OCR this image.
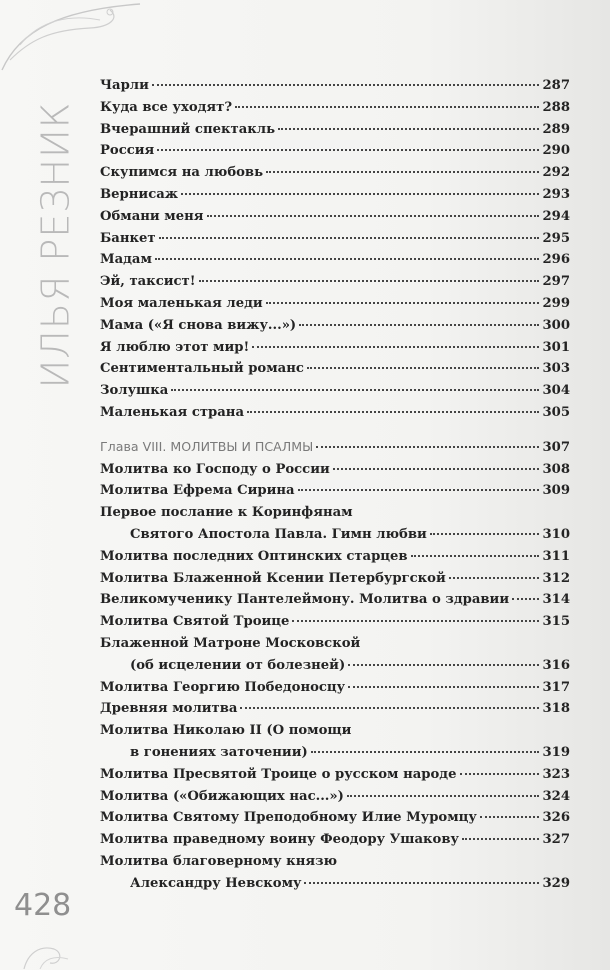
ИЛЬЯ РЕЗНИК
428
Чарли	287
Куда все уходят?	288
Вчерашний спектакль	289
Россия	290
Скупимся на любовь	292
Вернисаж	293
Обмани меня	294
Банкет	295
Мадам	296
Эй, таксист!	297
Моя маленькая леди	299
Мама («Я снова вижу...»)	300
Я люблю этот мир!	301
Сентиментальный романс	303
Золушка	304
Маленькая страна	305
Глава VIII. МОЛИТВЫ И ПСАЛМЫ	307
Молитва ко Господу о России	308
Молитва Ефрема Сирина	309
Первое послание к Коринфянам
Святого Апостола Павла. Гимн любви	310
Молитва последних Оптинских старцев	311
Молитва Блаженной Ксении Петербургской	312
Великомученику Пантелеймону. Молитва о здравии	314
Молитва Святой Троице	315
Блаженной Матроне Московской
(об исцелении от болезней)	316
Молитва Георгию Победоносцу	317
Древняя молитва	318
Молитва Николаю II (О помощи
в гонениях заточении)	319
Молитва Пресвятой Троице о русском народе	323
Молитва («Обижающих нас...»)	324
Молитва Святому Преподобному Илие Муромцу	326
Молитва праведному воину Феодору Ушакову	327
Молитва благоверному князю
Александру Невскому	329
